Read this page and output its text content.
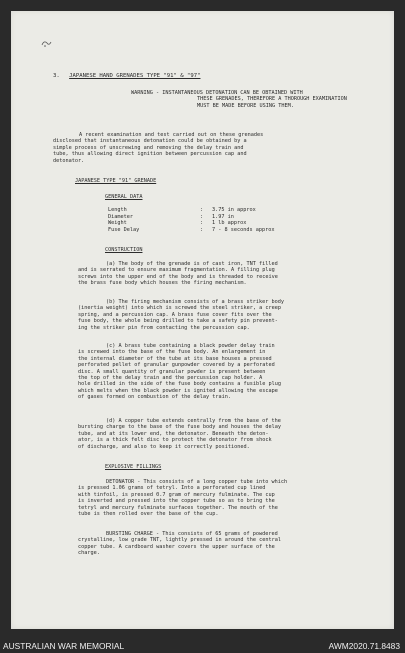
3. JAPANESE HAND GRENADES TYPE "91" & "97"
WARNING - INSTANTANEOUS DETONATION CAN BE OBTAINED WITH
THESE GRENADES, THEREFORE A THOROUGH EXAMINATION
MUST BE MADE BEFORE USING THEM.

A recent examination and test carried out on these grenades

disclosed that instantaneous detonation could be obtained by a

simple process of unscrewing and removing the delay train and

tube, thus allowing direct ignition between percussion cap and

detonator.

JAPANESE TYPE "91" GRENADE
GENERAL DATA
Length	:	3.75 in approx
Diameter	:	1.97 in
Weight	:	1 lb approx
Fuse Delay	:	7 - 8 seconds approx
CONSTRUCTION

(a) The body of the grenade is of cast iron, TNT filled

and is serrated to ensure maximum fragmentation. A filling plug

screws into the upper end of the body and is threaded to receive

the brass fuse body which houses the firing mechanism.

(b) The firing mechanism consists of a brass striker body

(inertia weight) into which is screwed the steel striker, a creep

spring, and a percussion cap. A brass fuse cover fits over the

fuse body, the whole being drilled to take a safety pin prevent-

ing the striker pin from contacting the percussion cap.

(c) A brass tube containing a black powder delay train

is screwed into the base of the fuse body. An enlargement in

the internal diameter of the tube at its base houses a pressed

perforated pellet of granular gunpowder covered by a perforated

disc. A small quantity of granular powder is present between

the top of the delay train and the percussion cap holder. A

hole drilled in the side of the fuse body contains a fusible plug

which melts when the black powder is ignited allowing the escape

of gases formed on combustion of the delay train.

(d) A copper tube extends centrally from the base of the

bursting charge to the base of the fuse body and houses the delay

tube, and at its lower end, the detonator. Beneath the deton-

ator, is a thick felt disc to protect the detonator from shock

of discharge, and also to keep it correctly positioned.

EXPLOSIVE FILLINGS

DETONATOR - This consists of a long copper tube into which

is pressed 1.06 grams of tetryl. Into a perforated cup lined

with tinfoil, is pressed 0.7 gram of mercury fulminate. The cup

is inverted and pressed into the copper tube so as to bring the

tetryl and mercury fulminate surfaces together. The mouth of the

tube is then rolled over the base of the cup.

BURSTING CHARGE - This consists of 65 grams of powdered

crystalline, low grade TNT, lightly pressed in around the central

copper tube. A cardboard washer covers the upper surface of the

charge.

AUSTRALIAN WAR MEMORIAL	AWM2020.71.8483
